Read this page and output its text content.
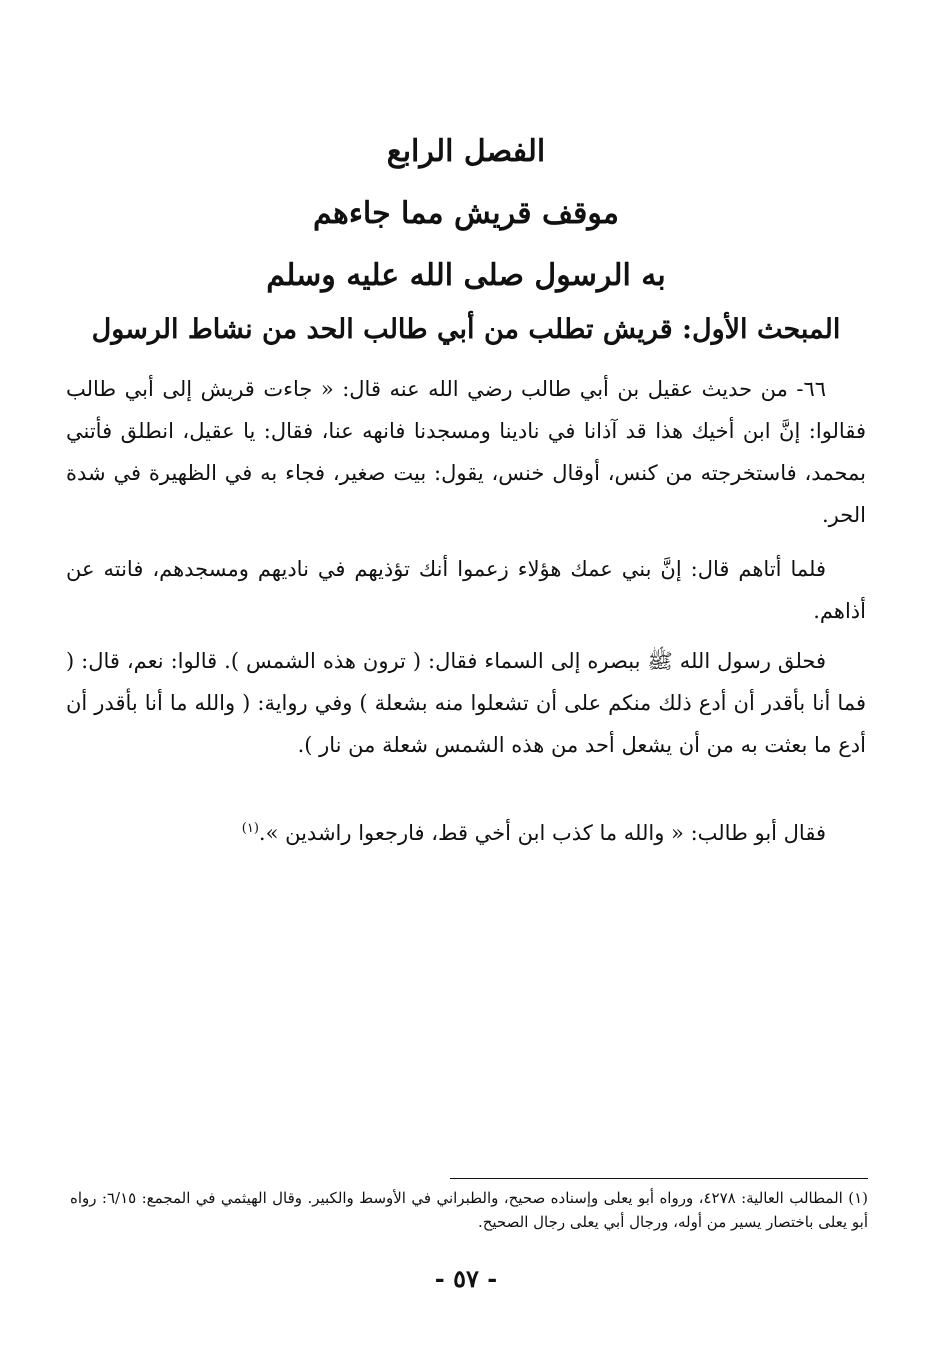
الفصل الرابع
موقف قريش مما جاءهم
به الرسول صلى الله عليه وسلم
المبحث الأول: قريش تطلب من أبي طالب الحد من نشاط الرسول
٦٦- من حديث عقيل بن أبي طالب رضي الله عنه قال: « جاءت قريش إلى أبي طالب فقالوا: إنَّ ابن أخيك هذا قد آذانا في نادينا ومسجدنا فانهه عنا، فقال: يا عقيل، انطلق فأتني بمحمد، فاستخرجته من كنس، أوقال خنس، يقول: بيت صغير، فجاء به في الظهيرة في شدة الحر.
فلما أتاهم قال: إنَّ بني عمك هؤلاء زعموا أنك تؤذيهم في ناديهم ومسجدهم، فانته عن أذاهم.
فحلق رسول الله ﷺ ببصره إلى السماء فقال: ( ترون هذه الشمس ). قالوا: نعم، قال: ( فما أنا بأقدر أن أدع ذلك منكم على أن تشعلوا منه بشعلة ) وفي رواية: ( والله ما أنا بأقدر أن أدع ما بعثت به من أن يشعل أحد من هذه الشمس شعلة من نار ).
فقال أبو طالب: « والله ما كذب ابن أخي قط، فارجعوا راشدين ».$^{(١)}$
(١) المطالب العالية: ٤٢٧٨، ورواه أبو يعلى وإسناده صحيح، والطبراني في الأوسط والكبير. وقال الهيثمي في المجمع: ٦/١٥: رواه أبو يعلى باختصار يسير من أوله، ورجال أبي يعلى رجال الصحيح.
- ٥٧ -
